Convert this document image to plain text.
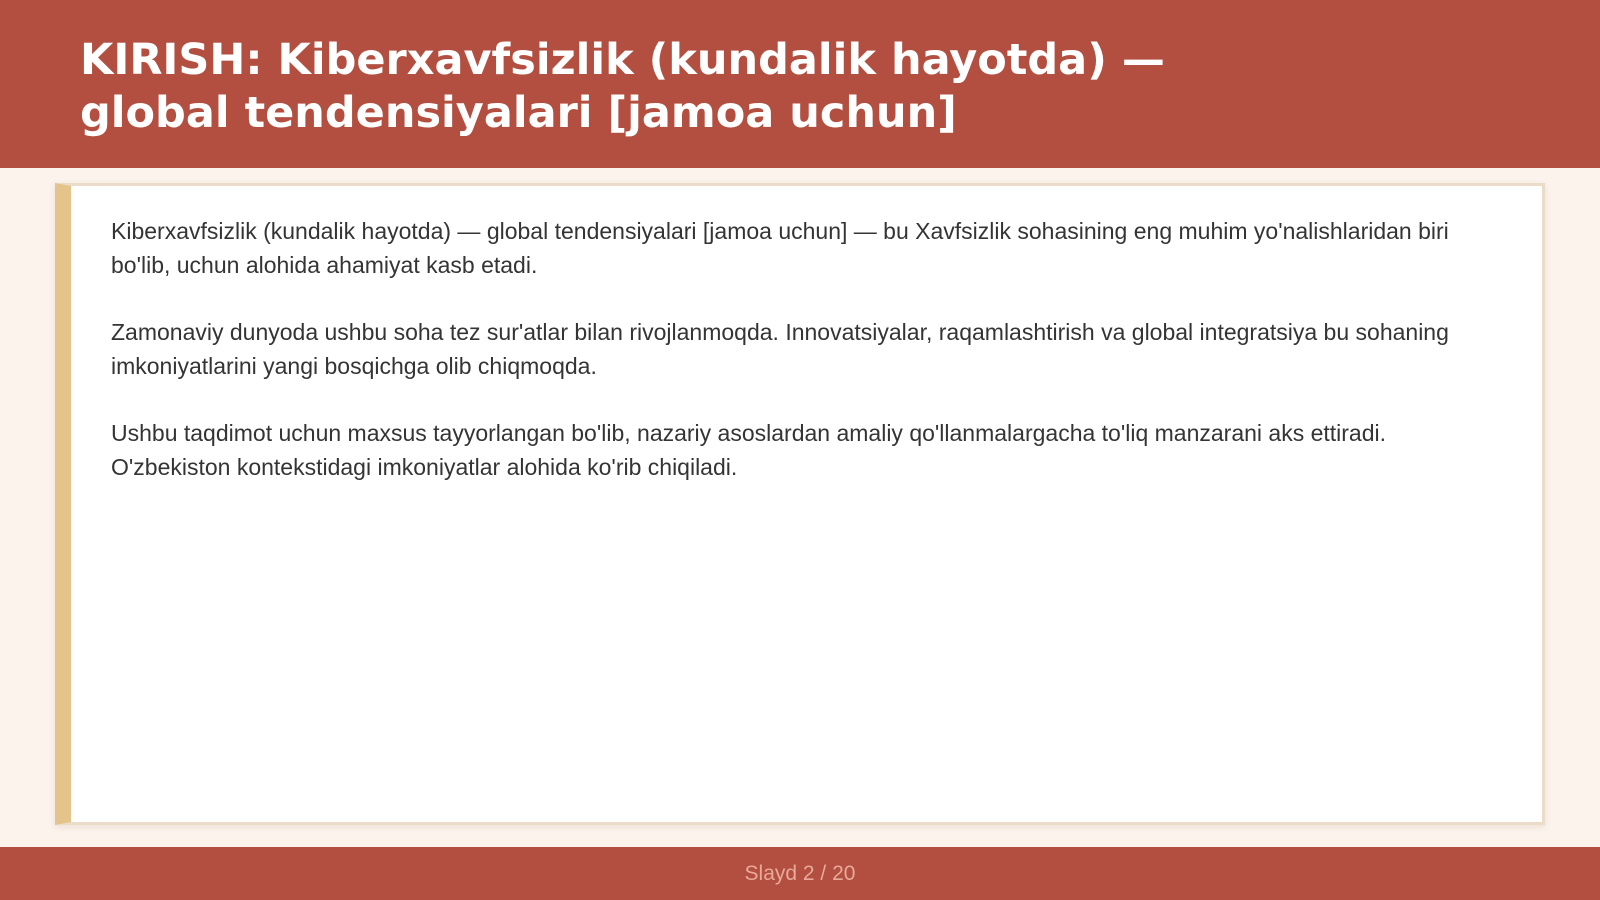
KIRISH: Kiberxavfsizlik (kundalik hayotda) — global tendensiyalari [jamoa uchun]

Kiberxavfsizlik (kundalik hayotda) — global tendensiyalari [jamoa uchun] — bu Xavfsizlik sohasining eng muhim yo'nalishlaridan biri bo'lib, uchun alohida ahamiyat kasb etadi.

Zamonaviy dunyoda ushbu soha tez sur'atlar bilan rivojlanmoqda. Innovatsiyalar, raqamlashtirish va global integratsiya bu sohaning imkoniyatlarini yangi bosqichga olib chiqmoqda.

Ushbu taqdimot uchun maxsus tayyorlangan bo'lib, nazariy asoslardan amaliy qo'llanmalargacha to'liq manzarani aks ettiradi. O'zbekiston kontekstidagi imkoniyatlar alohida ko'rib chiqiladi.

Slayd 2 / 20
